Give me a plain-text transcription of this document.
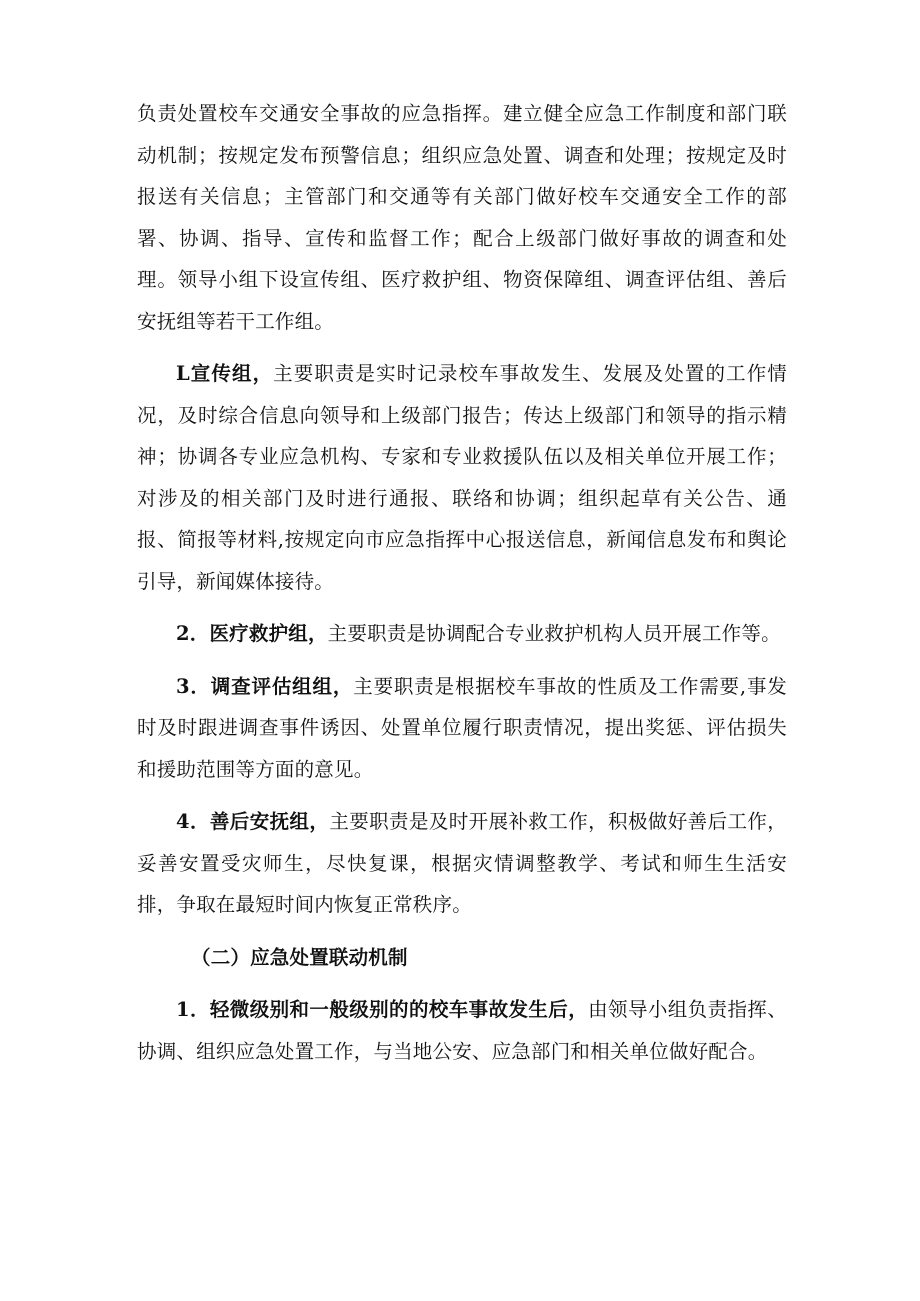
负责处置校车交通安全事故的应急指挥。建立健全应急工作制度和部门联动机制；按规定发布预警信息；组织应急处置、调查和处理；按规定及时报送有关信息；主管部门和交通等有关部门做好校车交通安全工作的部署、协调、指导、宣传和监督工作；配合上级部门做好事故的调查和处理。领导小组下设宣传组、医疗救护组、物资保障组、调查评估组、善后安抚组等若干工作组。

L宣传组，主要职责是实时记录校车事故发生、发展及处置的工作情况，及时综合信息向领导和上级部门报告；传达上级部门和领导的指示精神；协调各专业应急机构、专家和专业救援队伍以及相关单位开展工作；对涉及的相关部门及时进行通报、联络和协调；组织起草有关公告、通报、简报等材料,按规定向市应急指挥中心报送信息，新闻信息发布和舆论引导，新闻媒体接待。

2．医疗救护组，主要职责是协调配合专业救护机构人员开展工作等。

3．调查评估组组，主要职责是根据校车事故的性质及工作需要,事发时及时跟进调查事件诱因、处置单位履行职责情况，提出奖惩、评估损失和援助范围等方面的意见。

4．善后安抚组，主要职责是及时开展补救工作，积极做好善后工作，妥善安置受灾师生，尽快复课，根据灾情调整教学、考试和师生生活安排，争取在最短时间内恢复正常秩序。

（二）应急处置联动机制

1．轻微级别和一般级别的的校车事故发生后，由领导小组负责指挥、协调、组织应急处置工作，与当地公安、应急部门和相关单位做好配合。
